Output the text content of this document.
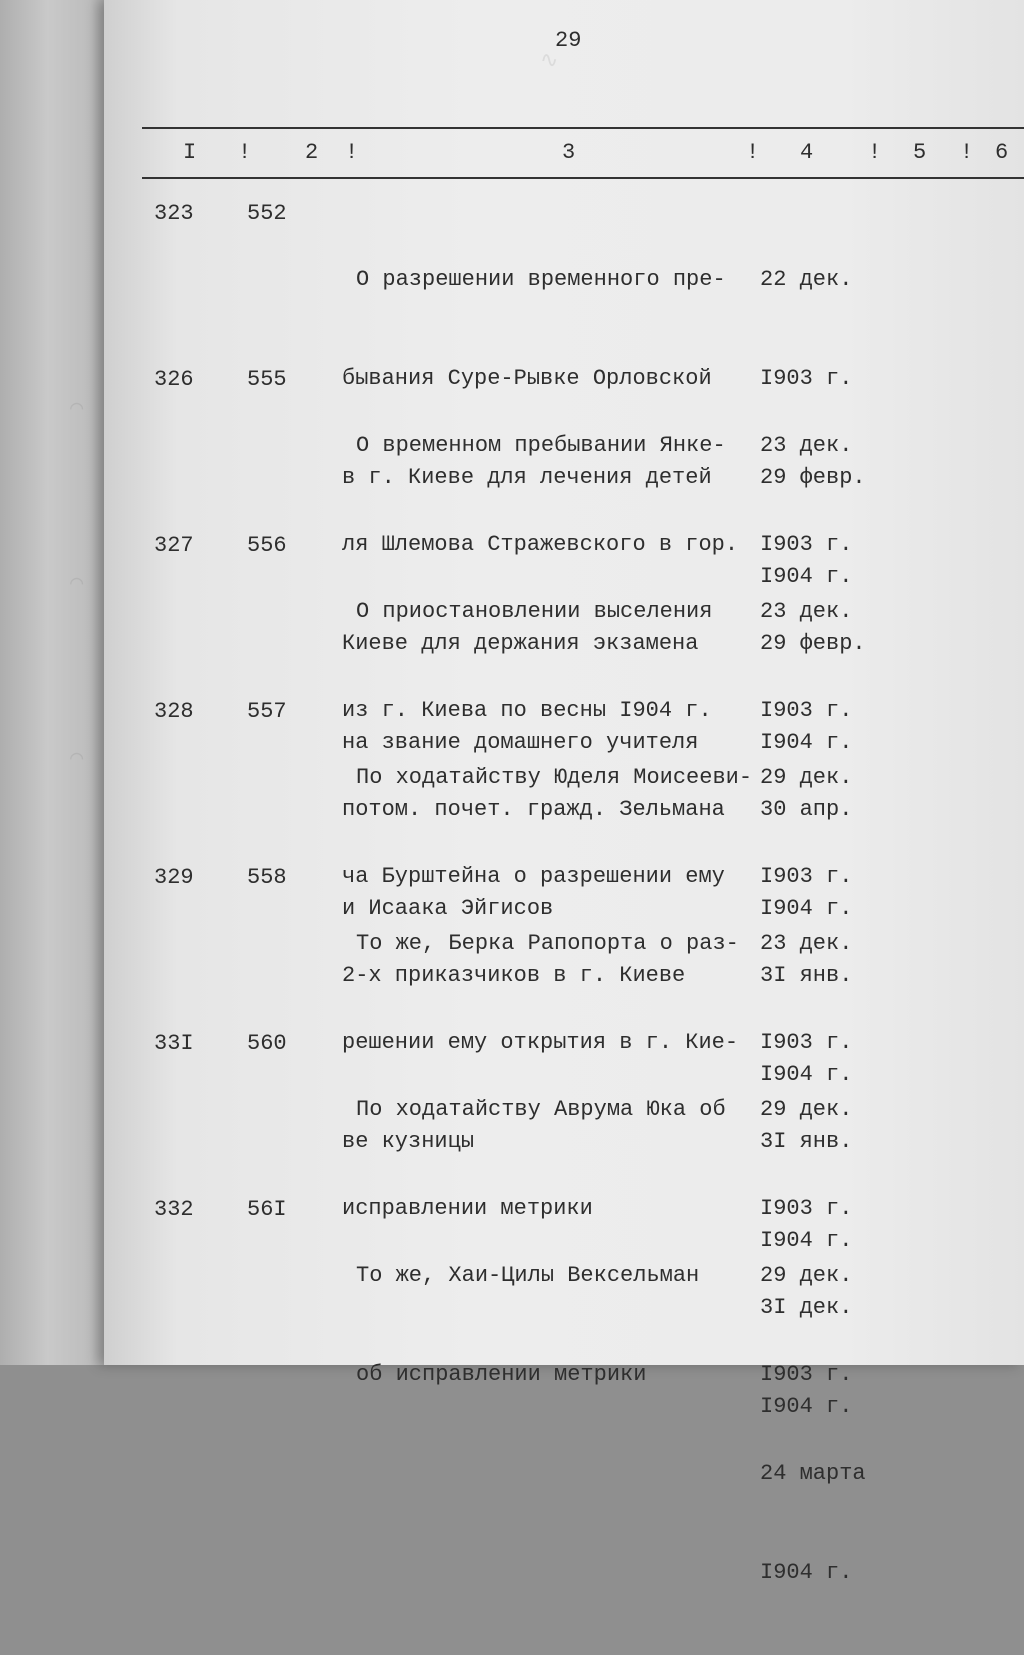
∿
⌒
⌒
⌒
29
I ! 2 !	3	! 4 ! 5 ! 6
323 552

О разрешении временного пре-

бывания Суре-Рывке Орловской

в г. Киеве для лечения детей

22 дек.

I903 г.

29 февр.

I904 г.

326 555

О временном пребывании Янке-

ля Шлемова Стражевского в гор.

Киеве для держания экзамена

на звание домашнего учителя

23 дек.

I903 г.

29 февр.

I904 г.

327 556

О приостановлении выселения

из г. Киева по весны I904 г.

потом. почет. гражд. Зельмана

и Исаака Эйгисов

23 дек.

I903 г.

30 апр.

I904 г.

328 557

По ходатайству Юделя Моисееви-

ча Бурштейна о разрешении ему

2-х приказчиков в г. Киеве

29 дек.

I903 г.

3I янв.

I904 г.

329 558

То же, Берка Рапопорта о раз-

решении ему открытия в г. Кие-

ве кузницы

23 дек.

I903 г.

3I янв.

I904 г.

33I 560

По ходатайству Аврума Юка об

исправлении метрики

29 дек.

I903 г.

3I дек.

I904 г.

332 56I

То же, Хаи-Цилы Вексельман

об исправлении метрики

29 дек.

I903 г.

24 марта

I904 г.
